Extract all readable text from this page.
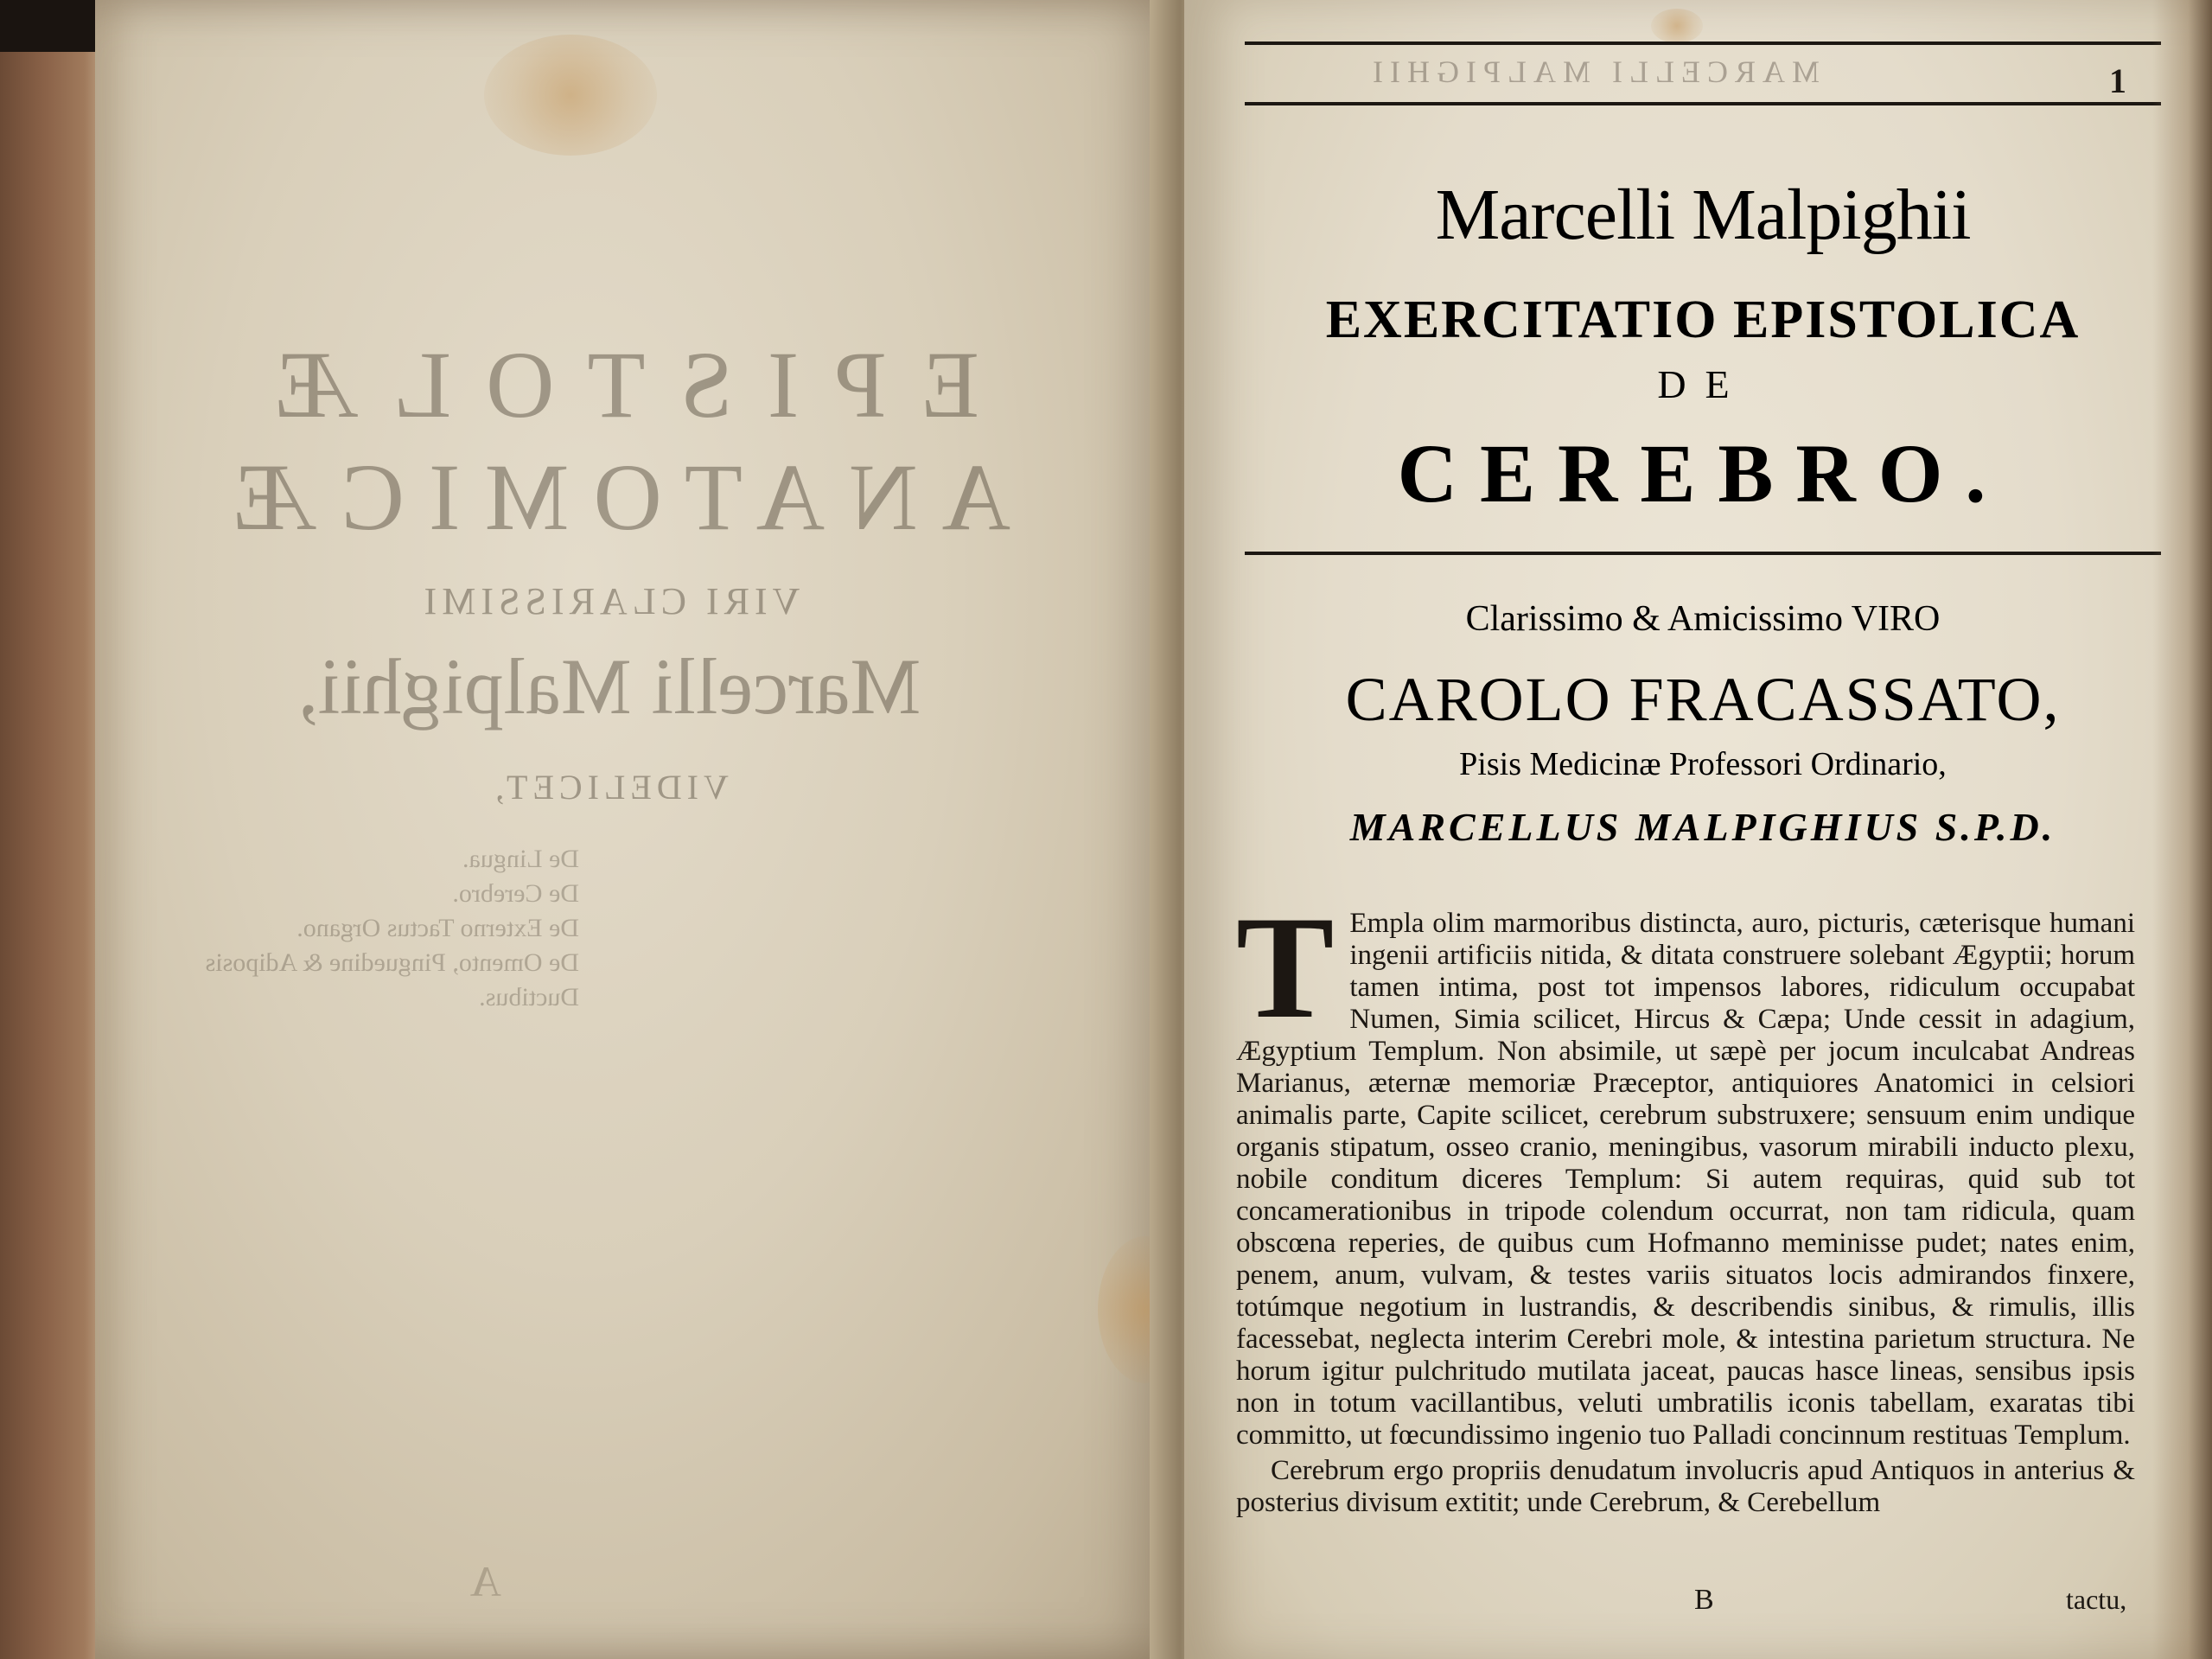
EPISTOLÆ
ANATOMICÆ
VIRI CLARISSIMI
Marcelli Malpighii,
VIDELICET,
De Lingua.
De Cerebro.
De Externo Tactus Organo.
De Omento, Pinguedine & Adiposis Ductibus.
A
MARCELLI MALPIGHII	1
Marcelli Malpighii
EXERCITATIO EPISTOLICA
DE
CEREBRO.
Clarissimo & Amicissimo VIRO
CAROLO FRACASSATO,
Pisis Medicinæ Professori Ordinario,
MARCELLUS MALPIGHIUS S.P.D.
T Empla olim marmoribus distincta, auro, picturis, cæterisque humani ingenii artificiis nitida, & ditata construere solebant Ægyptii; horum tamen intima, post tot impensos labores, ridiculum occupabat Numen, Simia scilicet, Hircus & Cæpa; Unde cessit in adagium, Ægyptium Templum. Non absimile, ut sæpè per jocum inculcabat Andreas Marianus, æternæ memoriæ Præceptor, antiquiores Anatomici in celsiori animalis parte, Capite scilicet, cerebrum substruxere; sensuum enim undique organis stipatum, osseo cranio, meningibus, vasorum mirabili inducto plexu, nobile conditum diceres Templum: Si autem requiras, quid sub tot concamerationibus in tripode colendum occurrat, non tam ridicula, quam obscœna reperies, de quibus cum Hofmanno meminisse pudet; nates enim, penem, anum, vulvam, & testes variis situatos locis admirandos finxere, totúmque negotium in lustrandis, & describendis sinibus, & rimulis, illis facessebat, neglecta interim Cerebri mole, & intestina parietum structura. Ne horum igitur pulchritudo mutilata jaceat, paucas hasce lineas, sensibus ipsis non in totum vacillantibus, veluti umbratilis iconis tabellam, exaratas tibi committo, ut fœcundissimo ingenio tuo Palladi concinnum restituas Templum.
Cerebrum ergo propriis denudatum involucris apud Antiquos in anterius & posterius divisum extitit; unde Cerebrum, & Cerebellum
B	tactu,
